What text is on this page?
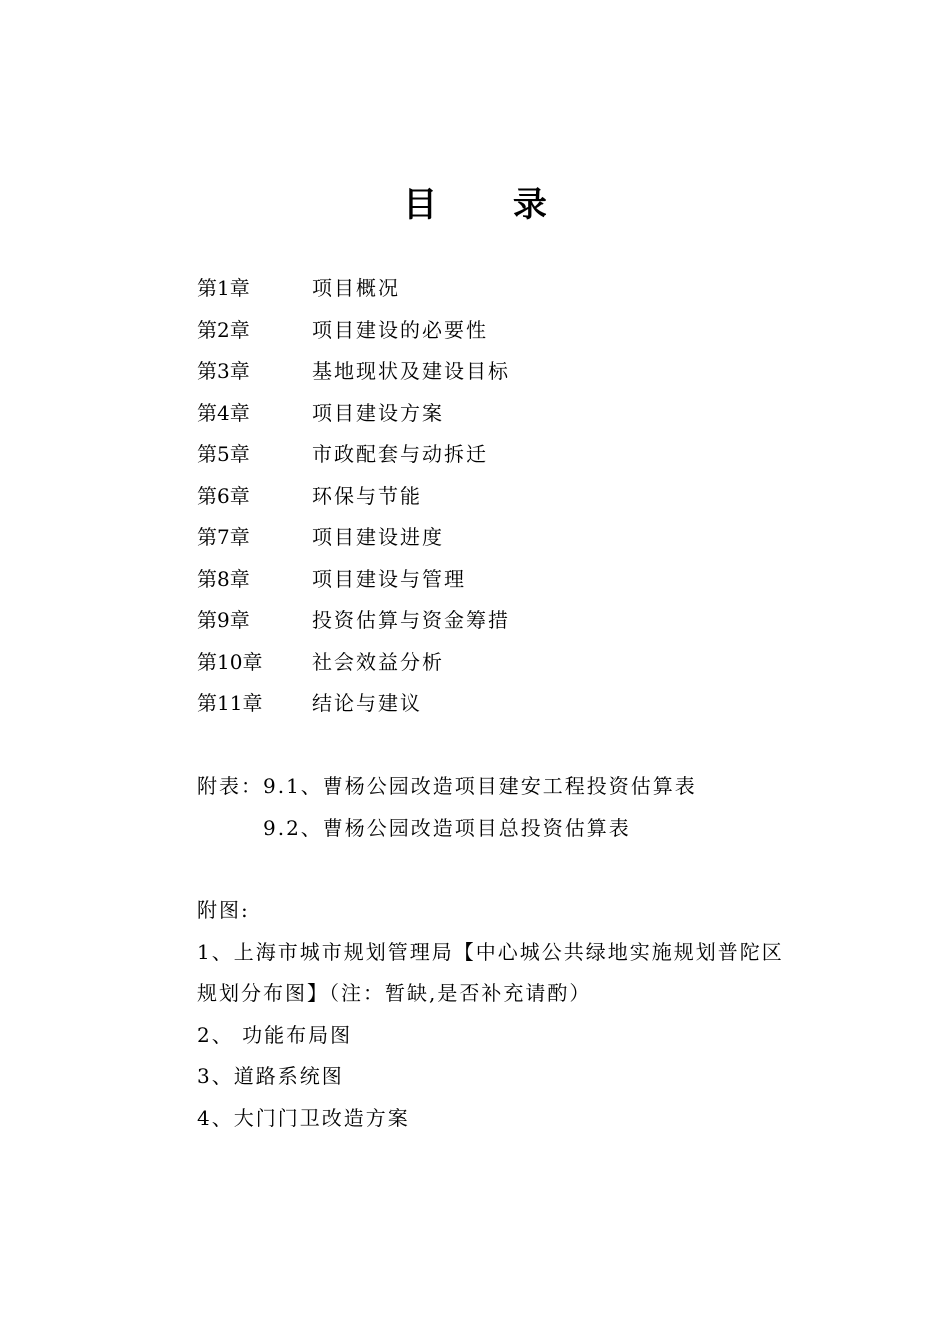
目 录
第1章	项目概况
第2章	项目建设的必要性
第3章	基地现状及建设目标
第4章	项目建设方案
第5章	市政配套与动拆迁
第6章	环保与节能
第7章	项目建设进度
第8章	项目建设与管理
第9章	投资估算与资金筹措
第10章 社会效益分析
第11章 结论与建议
附表：9.1、曹杨公园改造项目建安工程投资估算表
9.2、曹杨公园改造项目总投资估算表
附图:
1、上海市城市规划管理局【中心城公共绿地实施规划普陀区
规划分布图】（注：暂缺,是否补充请酌）
2、 功能布局图
3、道路系统图
4、大门门卫改造方案
